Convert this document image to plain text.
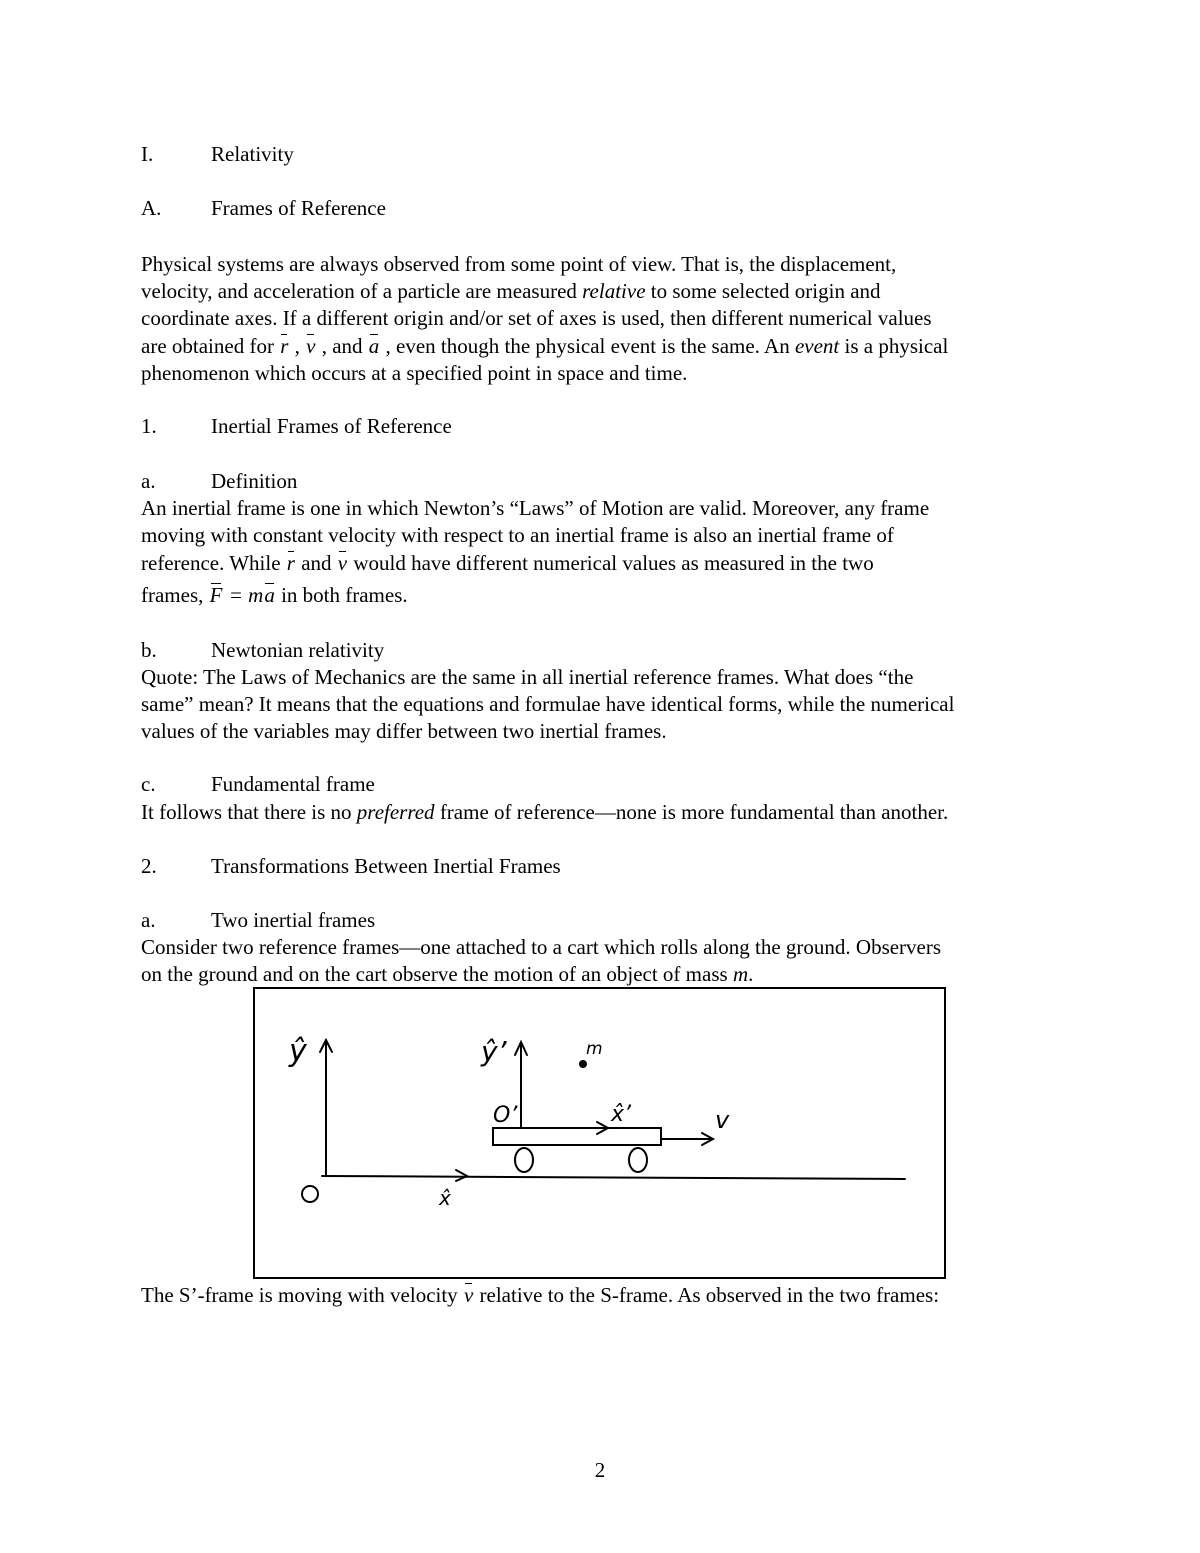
I.	Relativity
A. Frames of Reference
Physical systems are always observed from some point of view. That is, the displacement,
velocity, and acceleration of a particle are measured relative to some selected origin and
coordinate axes. If a different origin and/or set of axes is used, then different numerical values
are obtained for r , v , and a , even though the physical event is the same. An event is a physical
phenomenon which occurs at a specified point in space and time.
1.	Inertial Frames of Reference
a.	Definition
An inertial frame is one in which Newton’s “Laws” of Motion are valid. Moreover, any frame
moving with constant velocity with respect to an inertial frame is also an inertial frame of
reference. While r and v would have different numerical values as measured in the two
frames, F = ma in both frames.
b.	Newtonian relativity
Quote: The Laws of Mechanics are the same in all inertial reference frames. What does “the
same” mean? It means that the equations and formulae have identical forms, while the numerical
values of the variables may differ between two inertial frames.
c.	Fundamental frame
It follows that there is no preferred frame of reference—none is more fundamental than another.
2.	Transformations Between Inertial Frames
a.	Two inertial frames
Consider two reference frames—one attached to a cart which rolls along the ground. Observers
on the ground and on the cart observe the motion of an object of mass m.
ŷ	ŷ’	m
O’	x̂’	v
x̂
The S’-frame is moving with velocity v relative to the S-frame. As observed in the two frames:
2
